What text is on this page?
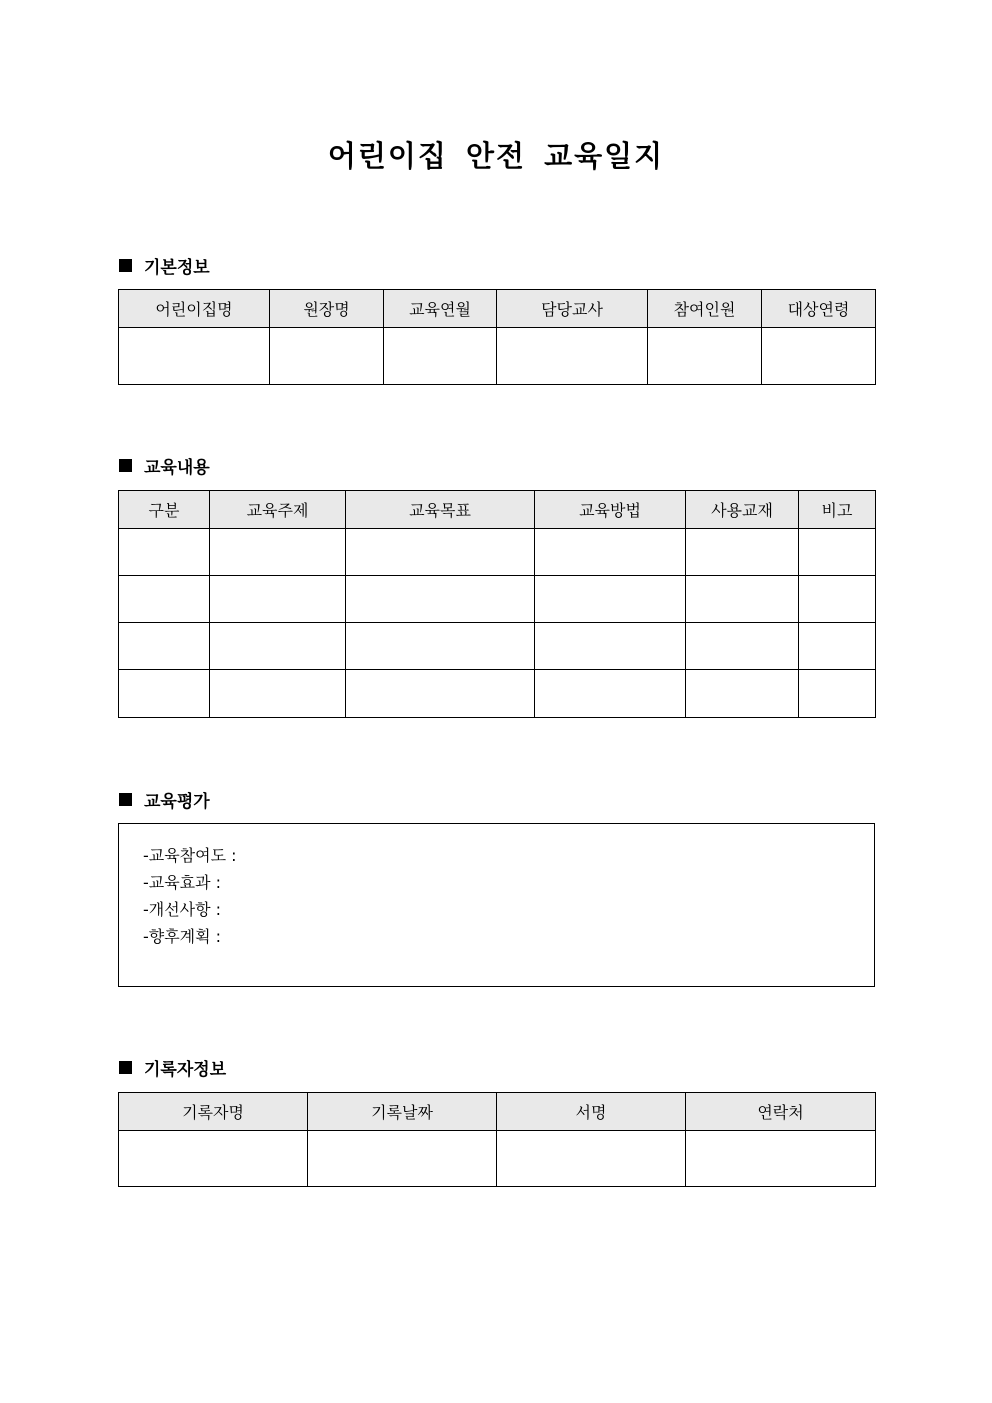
어린이집 안전 교육일지
기본정보
어린이집명	원장명	교육연월	담당교사	참여인원	대상연령

교육내용
구분	교육주제	교육목표	교육방법	사용교재	비고

교육평가
-교육참여도 :
-교육효과 :
-개선사항 :
-향후계획 :
기록자정보
기록자명	기록날짜	서명	연락처
